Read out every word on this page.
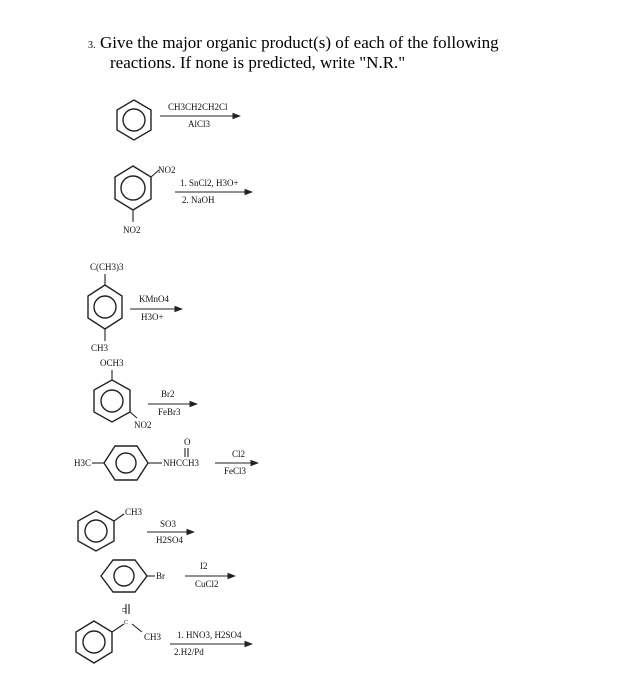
3. Give the major organic product(s) of each of the following
reactions. If none is predicted, write "N.R."
CH3CH2CH2Cl
AlCl3
NO2
NO2
1. SnCl2, H3O+
2. NaOH
C(CH3)3
CH3
KMnO4
H3O+
OCH3
NO2
Br2
FeBr3
H3C
O
NHCCH3
Cl2
FeCl3
CH3
SO3
H2SO4
Br
I2
CuCl2
O
C
CH3 1. HNO3, H2SO4
2.H2/Pd
